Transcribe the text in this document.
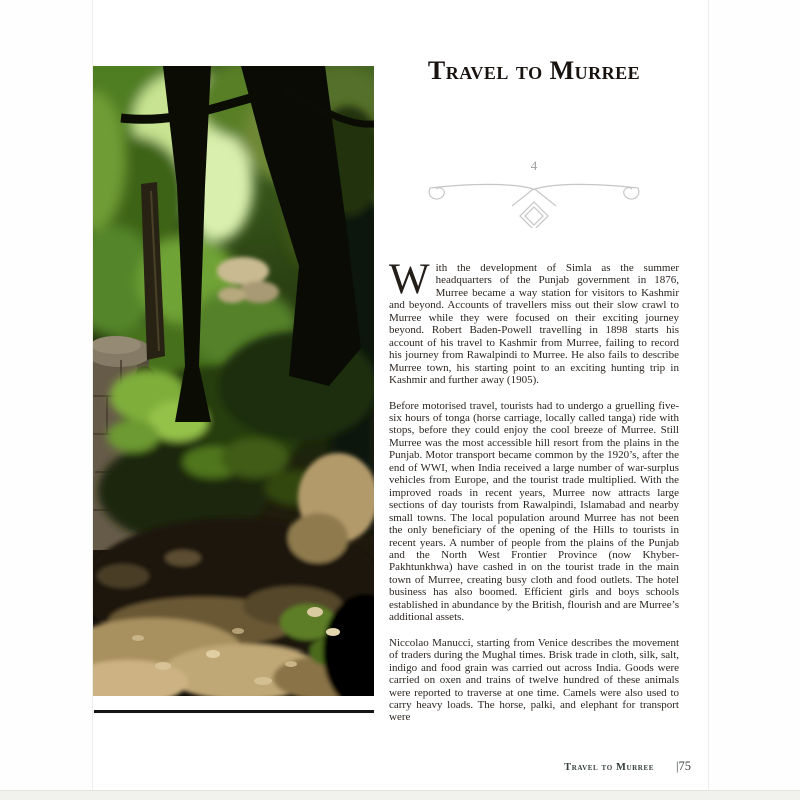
Travel to Murree
4

With the development of Simla as the summer headquarters of the Punjab government in 1876, Murree became a way station for visitors to Kashmir and beyond. Accounts of travellers miss out their slow crawl to Murree while they were focused on their exciting journey beyond. Robert Baden-Powell travelling in 1898 starts his account of his travel to Kashmir from Murree, failing to record his journey from Rawalpindi to Murree. He also fails to describe Murree town, his starting point to an exciting hunting trip in Kashmir and further away (1905).

Before motorised travel, tourists had to undergo a gruelling five-six hours of tonga (horse carriage, locally called tanga) ride with stops, before they could enjoy the cool breeze of Murree. Still Murree was the most accessible hill resort from the plains in the Punjab. Motor transport became common by the 1920’s, after the end of WWI, when India received a large number of war-surplus vehicles from Europe, and the tourist trade multiplied. With the improved roads in recent years, Murree now attracts large sections of day tourists from Rawalpindi, Islamabad and nearby small towns. The local population around Murree has not been the only beneficiary of the opening of the Hills to tourists in recent years. A number of people from the plains of the Punjab and the North West Frontier Province (now Khyber-Pakhtunkhwa) have cashed in on the tourist trade in the main town of Murree, creating busy cloth and food outlets. The hotel business has also boomed. Efficient girls and boys schools established in abundance by the British, flourish and are Murree’s additional assets.

Niccolao Manucci, starting from Venice describes the movement of traders during the Mughal times. Brisk trade in cloth, silk, salt, indigo and food grain was carried out across India. Goods were carried on oxen and trains of twelve hundred of these animals were reported to traverse at one time. Camels were also used to carry heavy loads. The horse, palki, and elephant for transport were

Travel to Murree |75
